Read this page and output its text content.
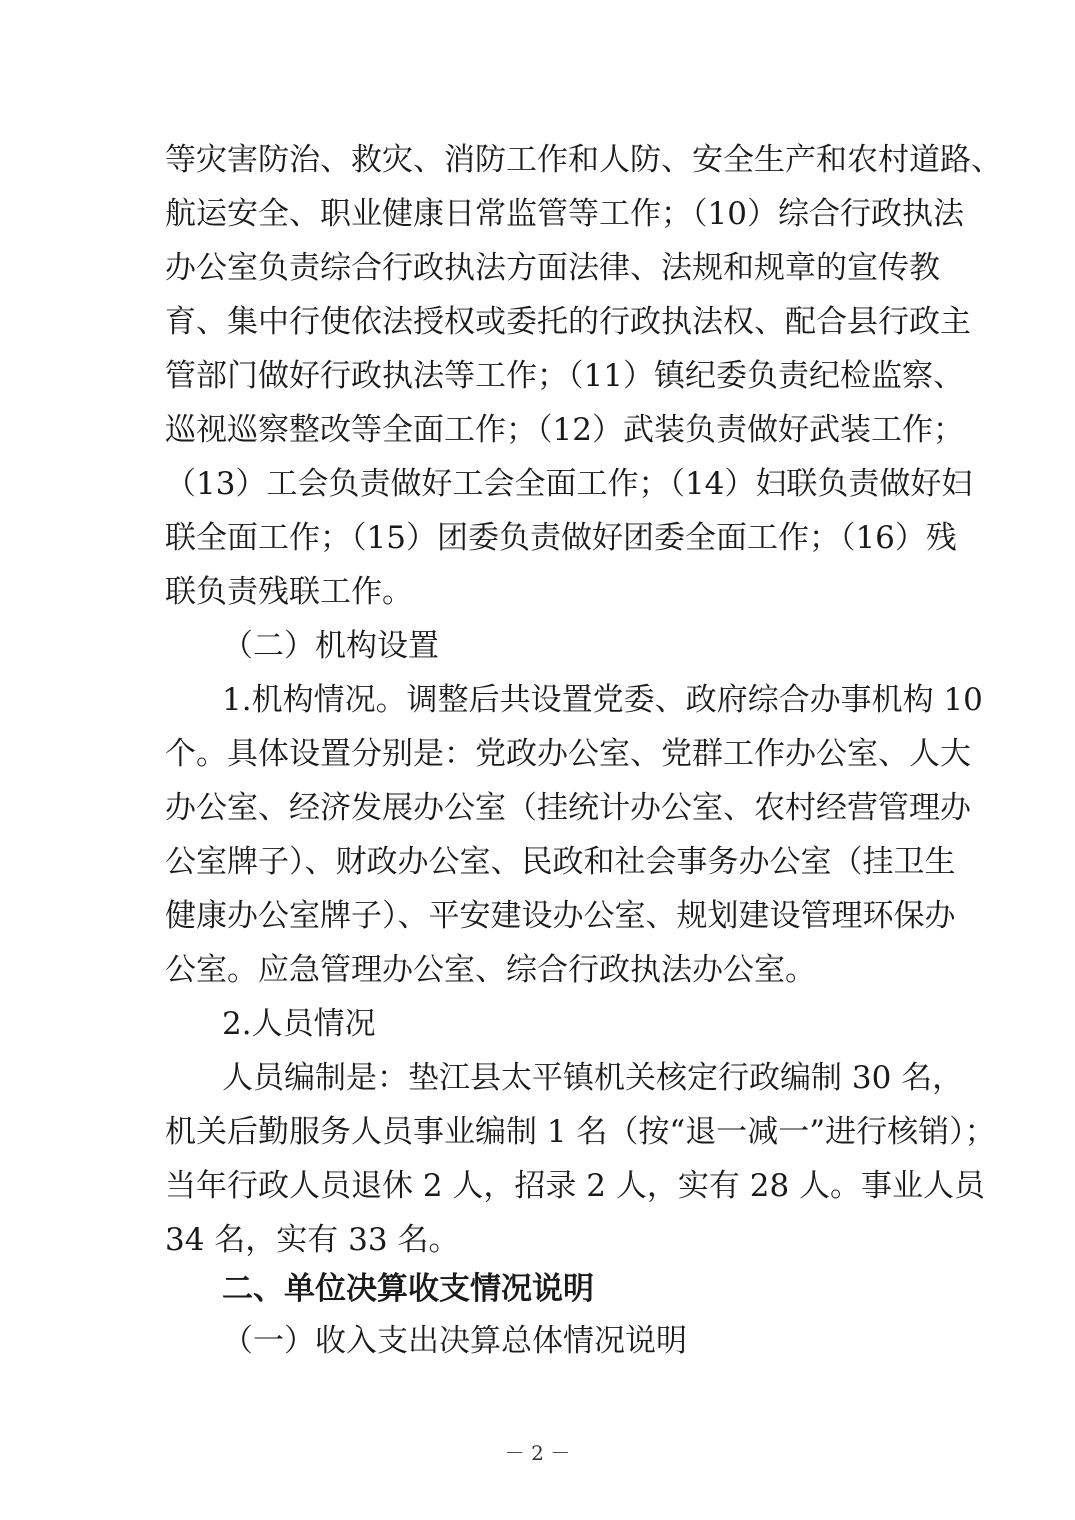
等灾害防治、救灾、消防工作和人防、安全生产和农村道路、
航运安全、职业健康日常监管等工作；（10）综合行政执法
办公室负责综合行政执法方面法律、法规和规章的宣传教
育、集中行使依法授权或委托的行政执法权、配合县行政主
管部门做好行政执法等工作；（11）镇纪委负责纪检监察、
巡视巡察整改等全面工作；（12）武装负责做好武装工作；
（13）工会负责做好工会全面工作；（14）妇联负责做好妇
联全面工作；（15）团委负责做好团委全面工作；（16）残
联负责残联工作。
（二）机构设置
1.机构情况。调整后共设置党委、政府综合办事机构 10
个。具体设置分别是：党政办公室、党群工作办公室、人大
办公室、经济发展办公室（挂统计办公室、农村经营管理办
公室牌子）、财政办公室、民政和社会事务办公室（挂卫生
健康办公室牌子）、平安建设办公室、规划建设管理环保办
公室。应急管理办公室、综合行政执法办公室。
2.人员情况
人员编制是：垫江县太平镇机关核定行政编制 30 名，
机关后勤服务人员事业编制 1 名（按“退一减一”进行核销）；
当年行政人员退休 2 人，招录 2 人，实有 28 人。事业人员
34 名，实有 33 名。
二、单位决算收支情况说明
（一）收入支出决算总体情况说明
－ 2 －
